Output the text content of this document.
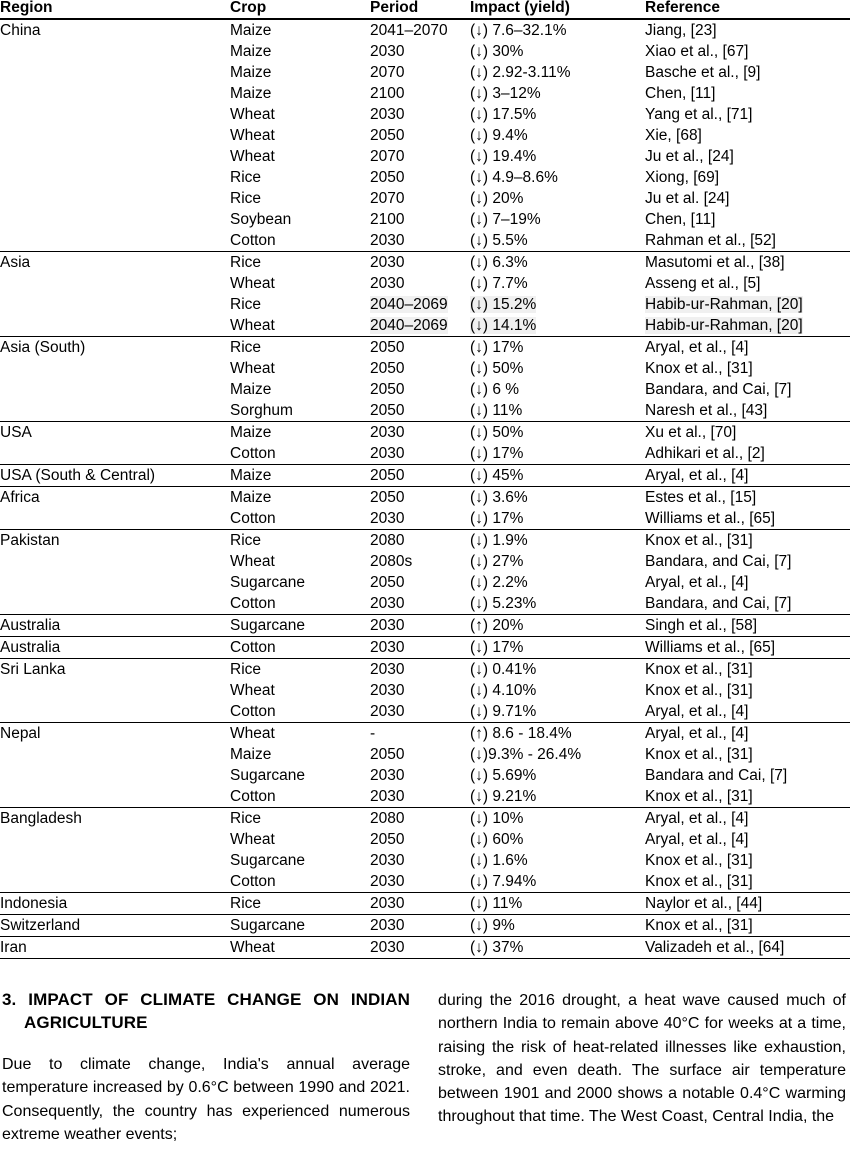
Region	Crop	Period	Impact (yield)	Reference
China	Maize	2041–2070	(↓) 7.6–32.1%	Jiang, [23]
	Maize	2030	(↓) 30%	Xiao et al., [67]
	Maize	2070	(↓) 2.92-3.11%	Basche et al., [9]
	Maize	2100	(↓) 3–12%	Chen, [11]
	Wheat	2030	(↓) 17.5%	Yang et al., [71]
	Wheat	2050	(↓) 9.4%	Xie, [68]
	Wheat	2070	(↓) 19.4%	Ju et al., [24]
	Rice	2050	(↓) 4.9–8.6%	Xiong, [69]
	Rice	2070	(↓) 20%	Ju et al. [24]
	Soybean	2100	(↓) 7–19%	Chen, [11]
	Cotton	2030	(↓) 5.5%	Rahman et al., [52]
Asia	Rice	2030	(↓) 6.3%	Masutomi et al., [38]
	Wheat	2030	(↓) 7.7%	Asseng et al., [5]
	Rice	2040–2069	(↓) 15.2%	Habib-ur-Rahman, [20]
	Wheat	2040–2069	(↓) 14.1%	Habib-ur-Rahman, [20]
Asia (South)	Rice	2050	(↓) 17%	Aryal, et al., [4]
	Wheat	2050	(↓) 50%	Knox et al., [31]
	Maize	2050	(↓) 6 %	Bandara, and Cai, [7]
	Sorghum	2050	(↓) 11%	Naresh et al., [43]
USA	Maize	2030	(↓) 50%	Xu et al., [70]
	Cotton	2030	(↓) 17%	Adhikari et al., [2]
USA (South & Central)	Maize	2050	(↓) 45%	Aryal, et al., [4]
Africa	Maize	2050	(↓) 3.6%	Estes et al., [15]
	Cotton	2030	(↓) 17%	Williams et al., [65]
Pakistan	Rice	2080	(↓) 1.9%	Knox et al., [31]
	Wheat	2080s	(↓) 27%	Bandara, and Cai, [7]
	Sugarcane	2050	(↓) 2.2%	Aryal, et al., [4]
	Cotton	2030	(↓) 5.23%	Bandara, and Cai, [7]
Australia	Sugarcane	2030	(↑) 20%	Singh et al., [58]
Australia	Cotton	2030	(↓) 17%	Williams et al., [65]
Sri Lanka	Rice	2030	(↓) 0.41%	Knox et al., [31]
	Wheat	2030	(↓) 4.10%	Knox et al., [31]
	Cotton	2030	(↓) 9.71%	Aryal, et al., [4]
Nepal	Wheat	-	(↑) 8.6 - 18.4%	Aryal, et al., [4]
	Maize	2050	(↓)9.3% - 26.4%	Knox et al., [31]
	Sugarcane	2030	(↓) 5.69%	Bandara and Cai, [7]
	Cotton	2030	(↓) 9.21%	Knox et al., [31]
Bangladesh	Rice	2080	(↓) 10%	Aryal, et al., [4]
	Wheat	2050	(↓) 60%	Aryal, et al., [4]
	Sugarcane	2030	(↓) 1.6%	Knox et al., [31]
	Cotton	2030	(↓) 7.94%	Knox et al., [31]
Indonesia	Rice	2030	(↓) 11%	Naylor et al., [44]
Switzerland	Sugarcane	2030	(↓) 9%	Knox et al., [31]
Iran	Wheat	2030	(↓) 37%	Valizadeh et al., [64]
3. IMPACT OF CLIMATE CHANGE ON INDIAN AGRICULTURE

Due to climate change, India's annual average temperature increased by 0.6°C between 1990 and 2021. Consequently, the country has experienced numerous extreme weather events;

during the 2016 drought, a heat wave caused much of northern India to remain above 40°C for weeks at a time, raising the risk of heat-related illnesses like exhaustion, stroke, and even death. The surface air temperature between 1901 and 2000 shows a notable 0.4°C warming throughout that time. The West Coast, Central India, the
